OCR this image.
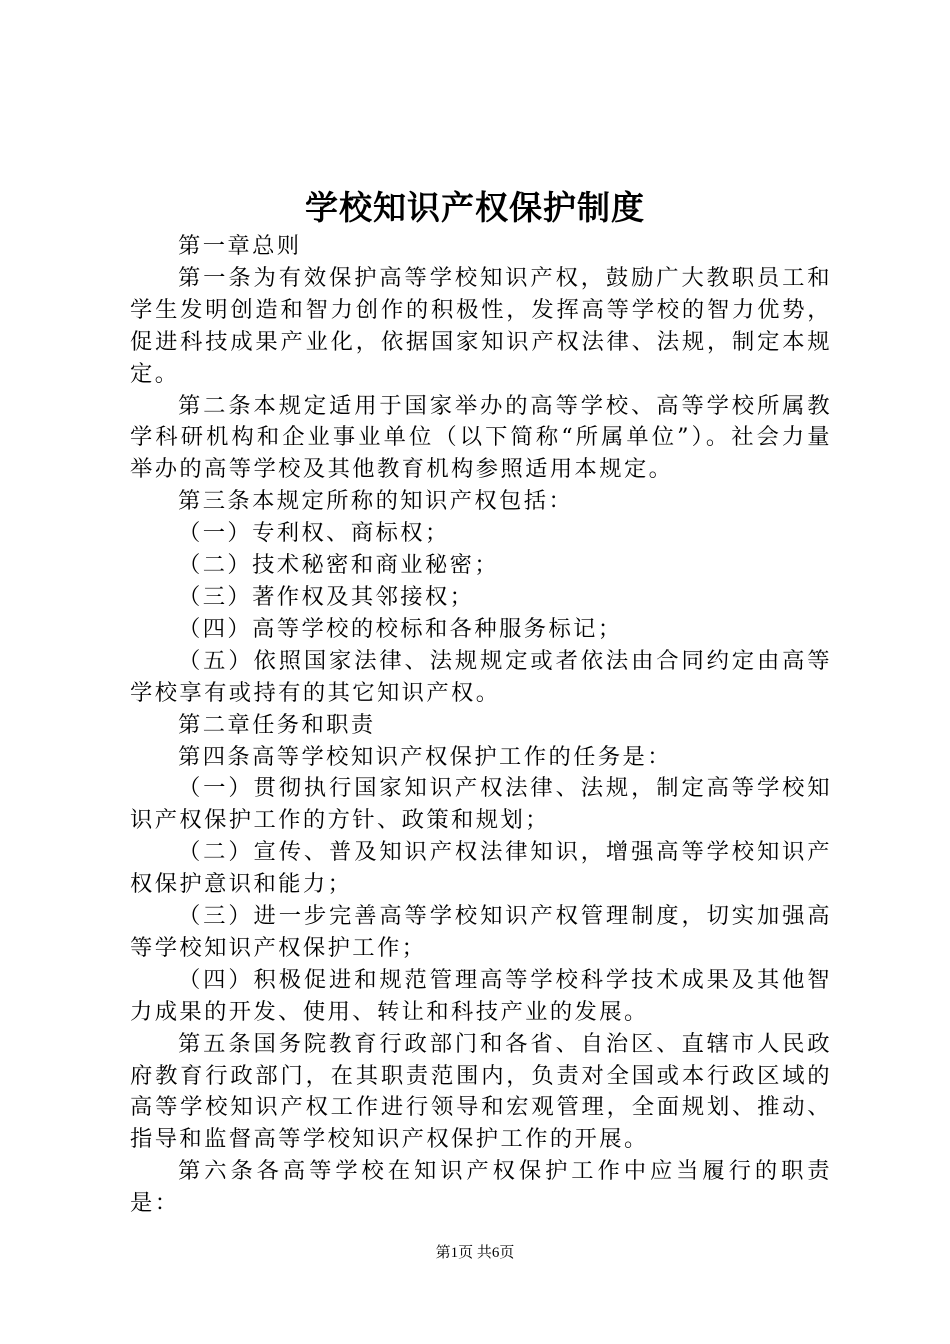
学校知识产权保护制度

第一章总则

第一条为有效保护高等学校知识产权，鼓励广大教职员工和学生发明创造和智力创作的积极性，发挥高等学校的智力优势，促进科技成果产业化，依据国家知识产权法律、法规，制定本规定。

第二条本规定适用于国家举办的高等学校、高等学校所属教学科研机构和企业事业单位（以下简称“所属单位”）。社会力量举办的高等学校及其他教育机构参照适用本规定。

第三条本规定所称的知识产权包括：

（一）专利权、商标权；

（二）技术秘密和商业秘密；

（三）著作权及其邻接权；

（四）高等学校的校标和各种服务标记；

（五）依照国家法律、法规规定或者依法由合同约定由高等学校享有或持有的其它知识产权。

第二章任务和职责

第四条高等学校知识产权保护工作的任务是：

（一）贯彻执行国家知识产权法律、法规，制定高等学校知识产权保护工作的方针、政策和规划；

（二）宣传、普及知识产权法律知识，增强高等学校知识产权保护意识和能力；

（三）进一步完善高等学校知识产权管理制度，切实加强高等学校知识产权保护工作；

（四）积极促进和规范管理高等学校科学技术成果及其他智力成果的开发、使用、转让和科技产业的发展。

第五条国务院教育行政部门和各省、自治区、直辖市人民政府教育行政部门，在其职责范围内，负责对全国或本行政区域的高等学校知识产权工作进行领导和宏观管理，全面规划、推动、指导和监督高等学校知识产权保护工作的开展。

第六条各高等学校在知识产权保护工作中应当履行的职责是：

第1页 共6页
